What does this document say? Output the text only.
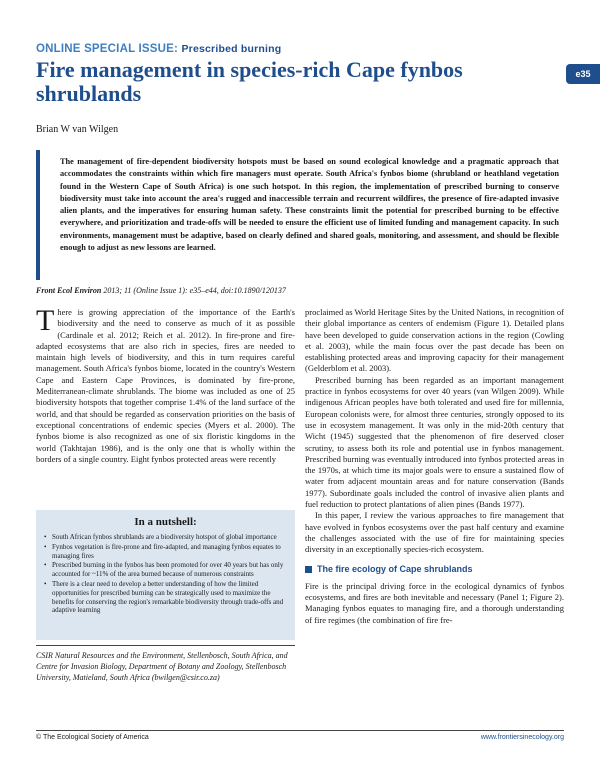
ONLINE SPECIAL ISSUE: Prescribed burning
Fire management in species-rich Cape fynbos shrublands
e35
Brian W van Wilgen
The management of fire-dependent biodiversity hotspots must be based on sound ecological knowledge and a pragmatic approach that accommodates the constraints within which fire managers must operate. South Africa's fynbos biome (shrubland or heathland vegetation found in the Western Cape of South Africa) is one such hotspot. In this region, the implementation of prescribed burning to conserve biodiversity must take into account the area's rugged and inaccessible terrain and recurrent wildfires, the presence of fire-adapted invasive alien plants, and the imperatives for ensuring human safety. These constraints limit the potential for prescribed burning to be effective everywhere, and prioritization and trade-offs will be needed to ensure the efficient use of limited funding and management capacity. In such environments, management must be adaptive, based on clearly defined and shared goals, monitoring, and assessment, and should be flexible enough to adjust as new lessons are learned.
Front Ecol Environ 2013; 11 (Online Issue 1): e35–e44, doi:10.1890/120137

There is growing appreciation of the importance of the Earth's biodiversity and the need to conserve as much of it as possible (Cardinale et al. 2012; Reich et al. 2012). In fire-prone and fire-adapted ecosystems that are also rich in species, fires are needed to maintain high levels of biodiversity, and this in turn requires careful management. South Africa's fynbos biome, located in the country's Western Cape and Eastern Cape Provinces, is dominated by fire-prone, Mediterranean-climate shrublands. The biome was included as one of 25 biodiversity hotspots that together comprise 1.4% of the land surface of the world, and that should be regarded as conservation priorities on the basis of exceptional concentrations of endemic species (Myers et al. 2000). The fynbos biome is also recognized as one of six floristic kingdoms in the world (Takhtajan 1986), and is the only one that is wholly within the borders of a single country. Eight fynbos protected areas were recently

In a nutshell:
• South African fynbos shrublands are a biodiversity hotspot of global importance
• Fynbos vegetation is fire-prone and fire-adapted, and managing fynbos equates to managing fires
• Prescribed burning in the fynbos has been promoted for over 40 years but has only accounted for ~11% of the area burned because of numerous constraints
• There is a clear need to develop a better understanding of how the limited opportunities for prescribed burning can be strategically used to maximize the benefits for conserving the region's remarkable biodiversity through trade-offs and adaptive learning
CSIR Natural Resources and the Environment, Stellenbosch, South Africa, and Centre for Invasion Biology, Department of Botany and Zoology, Stellenbosch University, Matieland, South Africa (bwilgen@csir.co.za)

proclaimed as World Heritage Sites by the United Nations, in recognition of their global importance as centers of endemism (Figure 1). Detailed plans have been developed to guide conservation actions in the region (Cowling et al. 2003), while the main focus over the past decade has been on establishing protected areas and improving capacity for their management (Gelderblom et al. 2003).

Prescribed burning has been regarded as an important management practice in fynbos ecosystems for over 40 years (van Wilgen 2009). While indigenous African peoples have both tolerated and used fire for millennia, European colonists were, for almost three centuries, strongly opposed to its use in ecosystem management. It was only in the mid-20th century that Wicht (1945) suggested that the phenomenon of fire deserved closer scrutiny, to assess both its role and potential use in fynbos management. Prescribed burning was eventually introduced into fynbos protected areas in the 1970s, at which time its major goals were to ensure a sustained flow of water from adjacent mountain areas and for nature conservation (Bands 1977). Subordinate goals included the control of invasive alien plants and fuel reduction to protect plantations of alien pines (Bands 1977).

In this paper, I review the various approaches to fire management that have evolved in fynbos ecosystems over the past half century and examine the challenges associated with the use of fire for maintaining species diversity in an exceptionally species-rich ecosystem.

The fire ecology of Cape shrublands

Fire is the principal driving force in the ecological dynamics of fynbos ecosystems, and fires are both inevitable and necessary (Panel 1; Figure 2). Managing fynbos equates to managing fire, and a thorough understanding of fire regimes (the combination of fire fre-

© The Ecological Society of America	www.frontiersinecology.org
